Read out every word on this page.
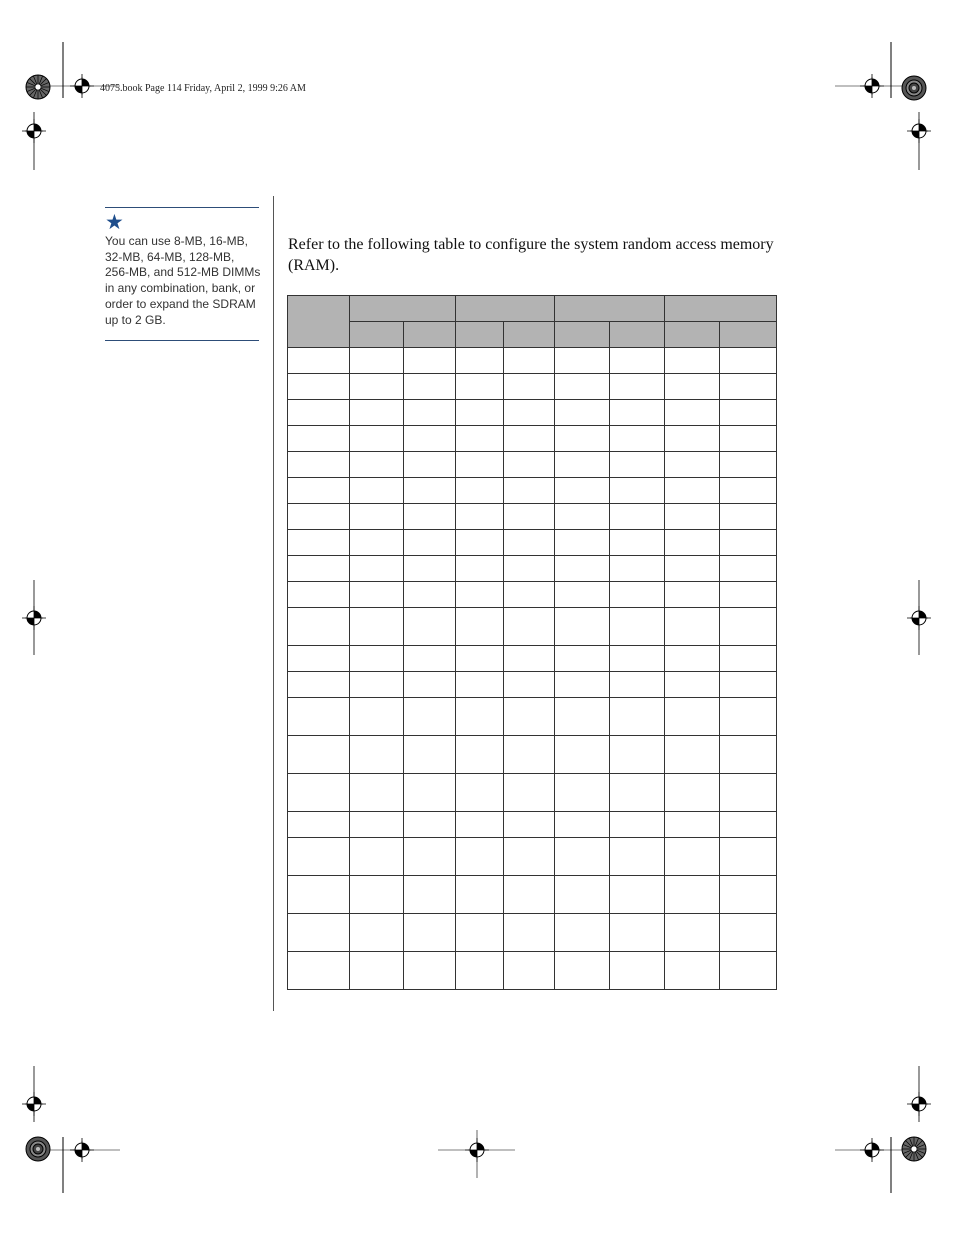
4075.book Page 114 Friday, April 2, 1999 9:26 AM
★
You can use 8-MB, 16-MB, 32-MB, 64-MB, 128-MB, 256-MB, and 512-MB DIMMs in any combination, bank, or order to expand the SDRAM up to 2 GB.
Refer to the following table to configure the system random access memory (RAM).
